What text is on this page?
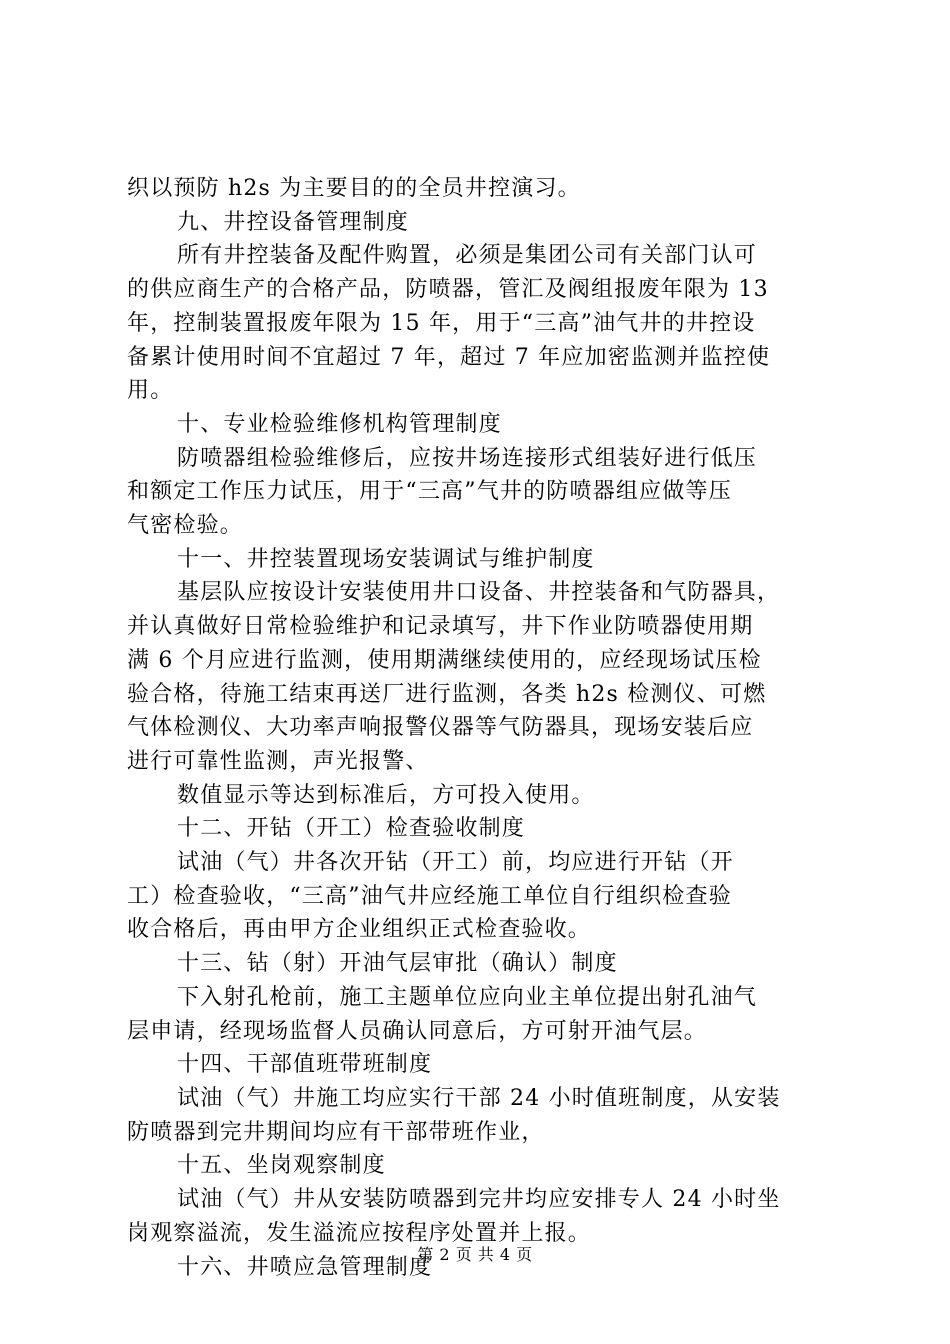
织以预防 h2s 为主要目的的全员井控演习。
九、井控设备管理制度
所有井控装备及配件购置，必须是集团公司有关部门认可
的供应商生产的合格产品，防喷器，管汇及阀组报废年限为 13
年，控制装置报废年限为 15 年，用于“三高”油气井的井控设
备累计使用时间不宜超过 7 年，超过 7 年应加密监测并监控使
用。
十、专业检验维修机构管理制度
防喷器组检验维修后，应按井场连接形式组装好进行低压
和额定工作压力试压，用于“三高”气井的防喷器组应做等压
气密检验。
十一、井控装置现场安装调试与维护制度
基层队应按设计安装使用井口设备、井控装备和气防器具，
并认真做好日常检验维护和记录填写，井下作业防喷器使用期
满 6 个月应进行监测，使用期满继续使用的，应经现场试压检
验合格，待施工结束再送厂进行监测，各类 h2s 检测仪、可燃
气体检测仪、大功率声响报警仪器等气防器具，现场安装后应
进行可靠性监测，声光报警、
数值显示等达到标准后，方可投入使用。
十二、开钻（开工）检查验收制度
试油（气）井各次开钻（开工）前，均应进行开钻（开
工）检查验收，“三高”油气井应经施工单位自行组织检查验
收合格后，再由甲方企业组织正式检查验收。
十三、钻（射）开油气层审批（确认）制度
下入射孔枪前，施工主题单位应向业主单位提出射孔油气
层申请，经现场监督人员确认同意后，方可射开油气层。
十四、干部值班带班制度
试油（气）井施工均应实行干部 24 小时值班制度，从安装
防喷器到完井期间均应有干部带班作业，
十五、坐岗观察制度
试油（气）井从安装防喷器到完井均应安排专人 24 小时坐
岗观察溢流，发生溢流应按程序处置并上报。
十六、井喷应急管理制度
第 2 页 共 4 页
